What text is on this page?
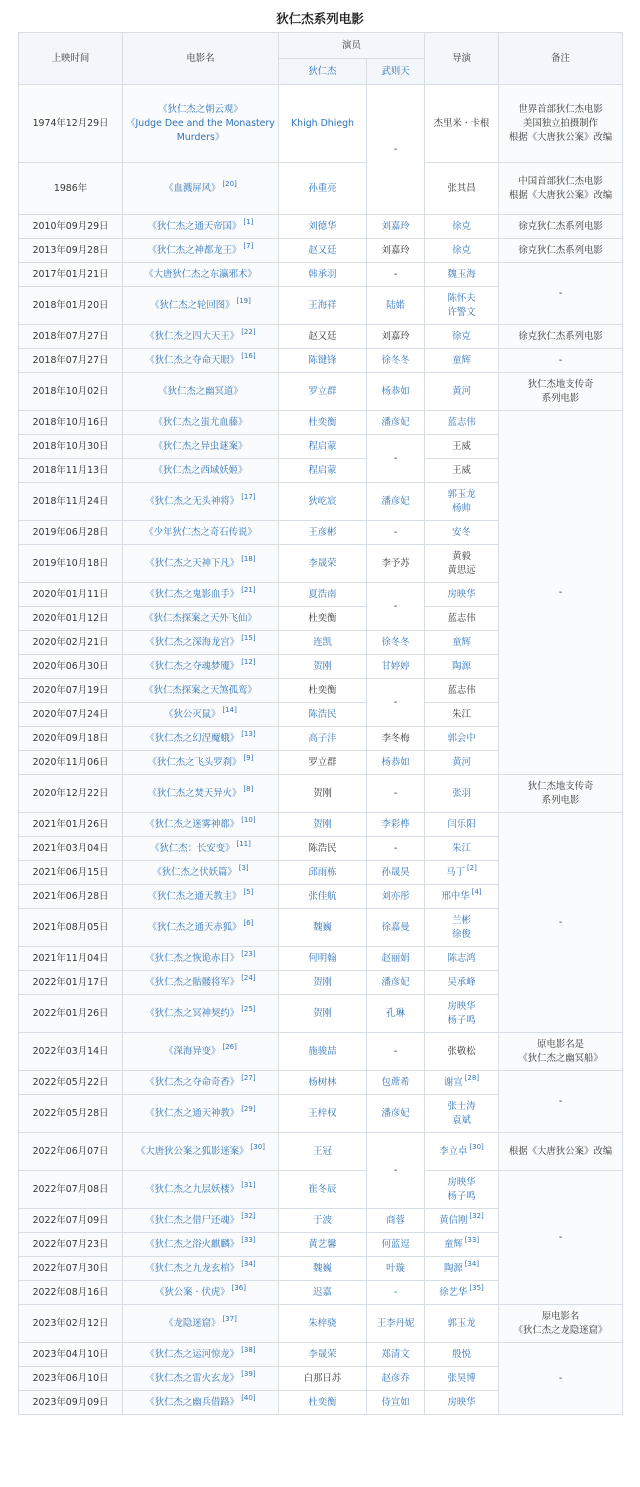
狄仁杰系列电影
上映时间	电影名	演员		导演	备注
		狄仁杰	武则天		
1974年12月29日	《狄仁杰之朝云观》
《Judge Dee and the Monastery Murders》	Khigh Dhiegh	-	杰里米 · 卡根	世界首部狄仁杰电影
美国独立拍摄制作
根据《大唐狄公案》改编
1986年	《血溅屏风》 [20]	孙重亮		张其昌	中国首部狄仁杰电影
根据《大唐狄公案》改编
2010年09月29日	《狄仁杰之通天帝国》 [1]	刘德华	刘嘉玲	徐克	徐克狄仁杰系列电影
2013年09月28日	《狄仁杰之神都龙王》 [7]	赵又廷	刘嘉玲	徐克	徐克狄仁杰系列电影
2017年01月21日	《大唐狄仁杰之东瀛邪术》	韩承羽	-	魏玉海	-
2018年01月20日	《狄仁杰之轮回图》 [19]	王海祥	陆婼	陈怀夫
许警文	
2018年07月27日	《狄仁杰之四大天王》 [22]	赵又廷	刘嘉玲	徐克	徐克狄仁杰系列电影
2018年07月27日	《狄仁杰之夺命天眼》 [16]	陈键锋	徐冬冬	童辉	-
2018年10月02日	《狄仁杰之幽冥道》	罗立群	杨恭如	黄河	狄仁杰地支传奇
系列电影
2018年10月16日	《狄仁杰之蚩尤血藤》	杜奕衡	潘彦妃	蓝志伟	-
2018年10月30日	《狄仁杰之异虫谜案》	程启蒙	-	王威	
2018年11月13日	《狄仁杰之西域妖姬》	程启蒙		王威	
2018年11月24日	《狄仁杰之无头神将》 [17]	狄屹宸	潘彦妃	郭玉龙
杨帅	
2019年06月28日	《少年狄仁杰之奇石传说》	王彦彬	-	安冬	
2019年10月18日	《狄仁杰之天神下凡》 [18]	李晟荣	李予苏	黄毅
黄思远	
2020年01月11日	《狄仁杰之鬼影血手》 [21]	夏浩南	-	房映华	
2020年01月12日	《狄仁杰探案之天外飞仙》	杜奕衡		蓝志伟	
2020年02月21日	《狄仁杰之深海龙宫》 [15]	连凯	徐冬冬	童辉	
2020年06月30日	《狄仁杰之夺魂梦魇》 [12]	贺刚	甘婷婷	陶源	
2020年07月19日	《狄仁杰探案之天煞孤鸾》	杜奕衡	-	蓝志伟	
2020年07月24日	《狄公灭鼠》 [14]	陈浩民		朱江	
2020年09月18日	《狄仁杰之幻涅魔蛾》 [13]	高子沣	李冬梅	郭会中	
2020年11月06日	《狄仁杰之飞头罗刹》 [9]	罗立群	杨恭如	黄河	
2020年12月22日	《狄仁杰之焚天异火》 [8]	贺刚	-	张羽	狄仁杰地支传奇
系列电影
2021年01月26日	《狄仁杰之迷雾神都》 [10]	贺刚	李彩桦	闫乐阳	-
2021年03月04日	《狄仁杰：长安变》 [11]	陈浩民	-	朱江	
2021年06月15日	《狄仁杰之伏妖篇》 [3]	邱雨栋	孙晟昊	马丁 [2]
2021年06月28日	《狄仁杰之通天教主》 [5]	张佳航	刘亦彤	邢中华 [4]
2021年08月05日	《狄仁杰之通天赤狐》 [6]	魏巍	徐嘉曼	兰彬
徐俊	
2021年11月04日	《狄仁杰之恢诡赤目》 [23]	何明翰	赵丽娟	陈志鸿	
2022年01月17日	《狄仁杰之骷髅将军》 [24]	贺刚	潘彦妃	吴承峰	
2022年01月26日	《狄仁杰之冥神契约》 [25]	贺刚	孔琳	房映华
杨子鸣	
2022年03月14日	《深海异变》 [26]	施骏喆	-	张敬松	原电影名是
《狄仁杰之幽冥船》
2022年05月22日	《狄仁杰之夺命奇香》 [27]	杨树林	包蓆希	谢宣 [28]	-
2022年05月28日	《狄仁杰之通天神教》 [29]	王梓权	潘彦妃	张士涛
袁斌	
2022年06月07日	《大唐狄公案之狐影迷案》 [30]	王冠	-	李立卓 [30]	根据《大唐狄公案》改编
2022年07月08日	《狄仁杰之九层妖楼》 [31]	崔冬辰		房映华
杨子鸣	-
2022年07月09日	《狄仁杰之借尸还魂》 [32]	于波	商蓉	黄信刚 [32]
2022年07月23日	《狄仁杰之浴火麒麟》 [33]	黄艺馨	何蓝逗	童辉 [33]
2022年07月30日	《狄仁杰之九龙玄棺》 [34]	魏巍	叶璇	陶源 [34]
2022年08月16日	《狄公案 · 伏虎》 [36]	迟嘉	-	徐艺华 [35]
2023年02月12日	《龙隐迷窟》 [37]	朱梓骁	王李丹妮	郭玉龙	原电影名
《狄仁杰之龙隐迷窟》
2023年04月10日	《狄仁杰之运河惊龙》 [38]	李晟荣	郑清文	殷悦	-
2023年06月10日	《狄仁杰之雷火玄龙》 [39]	白那日苏	赵彦乔	张昊博	
2023年09月09日	《狄仁杰之幽兵借路》 [40]	杜奕衡	侍宣如	房映华	
